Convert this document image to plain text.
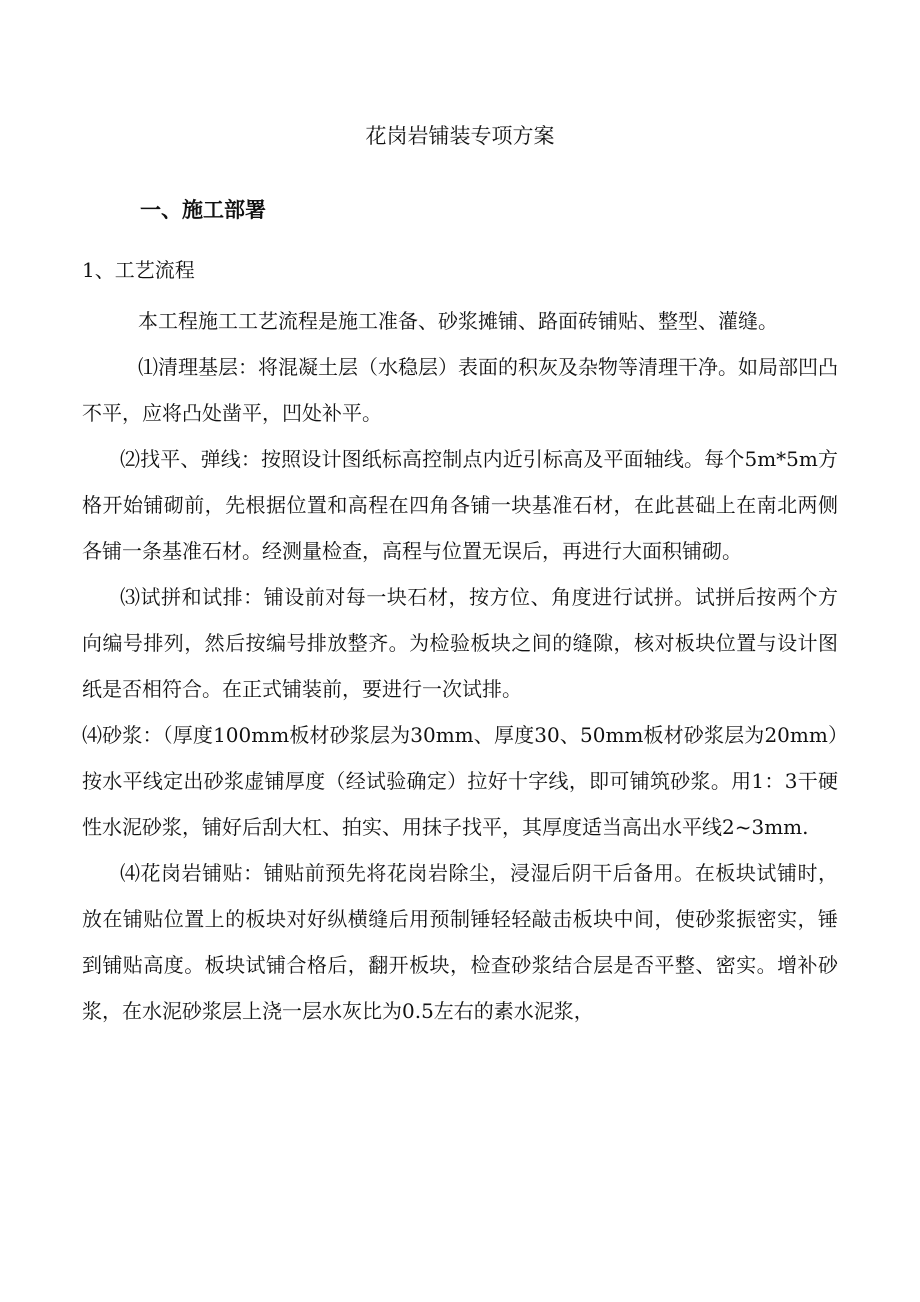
花岗岩铺装专项方案
一、施工部署
1、工艺流程

本工程施工工艺流程是施工准备、砂浆摊铺、路面砖铺贴、整型、灌缝。

⑴清理基层：将混凝土层（水稳层）表面的积灰及杂物等清理干净。如局部凹凸不平，应将凸处凿平，凹处补平。

⑵找平、弹线：按照设计图纸标高控制点内近引标高及平面轴线。每个5m*5m方格开始铺砌前，先根据位置和高程在四角各铺一块基准石材，在此甚础上在南北两侧各铺一条基准石材。经测量检查，高程与位置无误后，再进行大面积铺砌。

⑶试拼和试排：铺设前对每一块石材，按方位、角度进行试拼。试拼后按两个方向编号排列，然后按编号排放整齐。为检验板块之间的缝隙，核对板块位置与设计图纸是否相符合。在正式铺装前，要进行一次试排。

⑷砂浆：（厚度100mm板材砂浆层为30mm、厚度30、50mm板材砂浆层为20mm）按水平线定出砂浆虚铺厚度（经试验确定）拉好十字线，即可铺筑砂浆。用1：3干硬性水泥砂浆，铺好后刮大杠、拍实、用抹子找平，其厚度适当高出水平线2~3mm.

⑷花岗岩铺贴：铺贴前预先将花岗岩除尘，浸湿后阴干后备用。在板块试铺时，放在铺贴位置上的板块对好纵横缝后用预制锤轻轻敲击板块中间，使砂浆振密实，锤到铺贴高度。板块试铺合格后，翻开板块，检查砂浆结合层是否平整、密实。增补砂浆，在水泥砂浆层上浇一层水灰比为0.5左右的素水泥浆，
